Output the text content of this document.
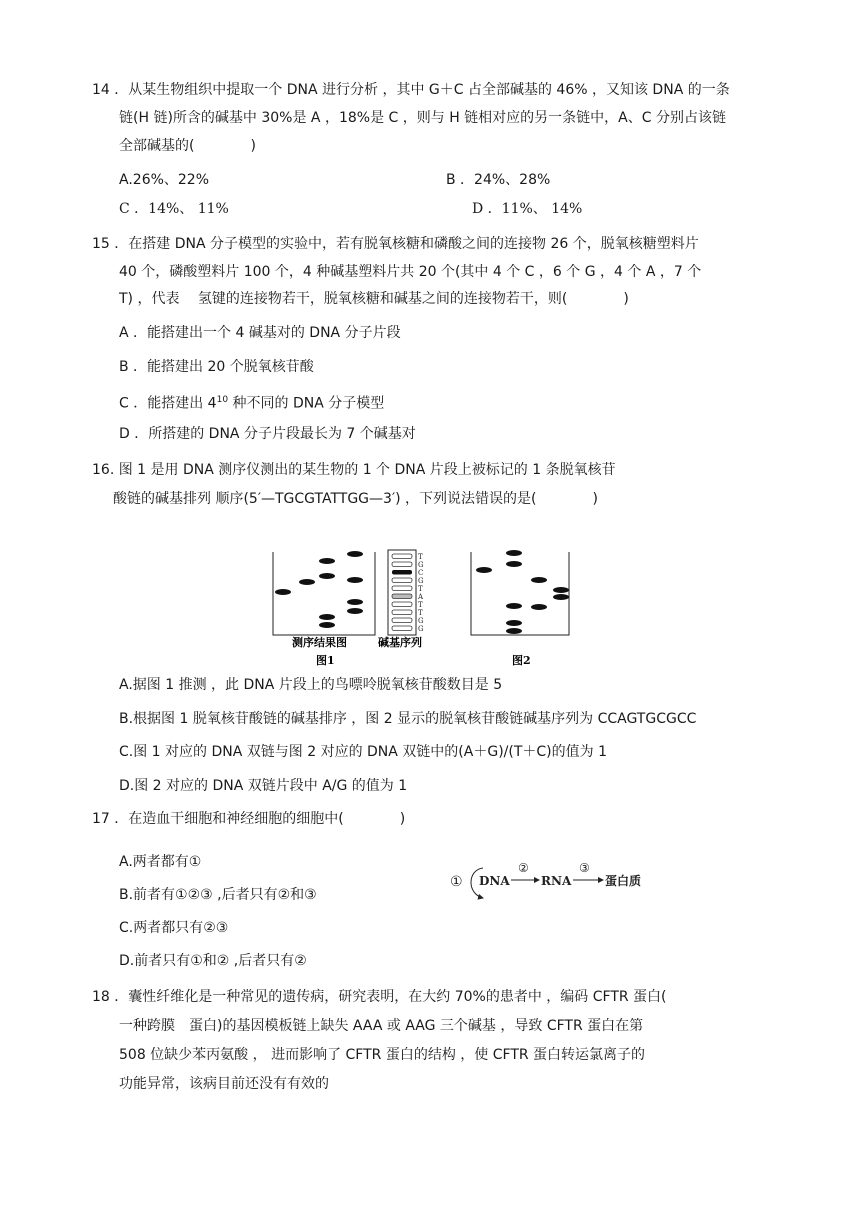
14 ．从某生物组织中提取一个 DNA 进行分析 ，其中 G＋C 占全部碱基的 46% ，又知该 DNA 的一条
链(H 链)所含的碱基中 30%是 A ，18%是 C ，则与 H 链相对应的另一条链中，A、C 分别占该链
全部碱基的(　　　　)
A.26%、22%	B ．24%、28%
C ．14%、 11%	D ．11%、 14%
15 ．在搭建 DNA 分子模型的实验中，若有脱氧核糖和磷酸之间的连接物 26 个，脱氧核糖塑料片
40 个，磷酸塑料片 100 个，4 种碱基塑料片共 20 个(其中 4 个 C ，6 个 G ，4 个 A ，7 个
T) ，代表　 氢键的连接物若干，脱氧核糖和碱基之间的连接物若干，则(　　　　)
A ．能搭建出一个 4 碱基对的 DNA 分子片段
B ．能搭建出 20 个脱氧核苷酸
C ．能搭建出 $4^{10}$ 种不同的 DNA 分子模型
D ．所搭建的 DNA 分子片段最长为 7 个碱基对
16. 图 1 是用 DNA 测序仪测出的某生物的 1 个 DNA 片段上被标记的 1 条脱氧核苷
酸链的碱基排列 顺序(5′—TGCGTATTGG—3′) ，下列说法错误的是(　　　　)
T
G
C
G
T
A
T
T
G
G
测序结果图	碱基序列
图1	图2
A.据图 1 推测 ，此 DNA 片段上的鸟嘌呤脱氧核苷酸数目是 5
B.根据图 1 脱氧核苷酸链的碱基排序 ，图 2 显示的脱氧核苷酸链碱基序列为 CCAGTGCGCC
C.图 1 对应的 DNA 双链与图 2 对应的 DNA 双链中的(A＋G)/(T＋C)的值为 1
D.图 2 对应的 DNA 双链片段中 A/G 的值为 1
17 ．在造血干细胞和神经细胞的细胞中(　　　　)
A.两者都有①
B.前者有①②③ ,后者只有②和③
C.两者都只有②③
D.前者只有①和② ,后者只有②
① DNA
②
RNA
③
蛋白质
18 ．囊性纤维化是一种常见的遗传病，研究表明，在大约 70%的患者中 ，编码 CFTR 蛋白(
一种跨膜　蛋白)的基因模板链上缺失 AAA 或 AAG 三个碱基 ，导致 CFTR 蛋白在第
508 位缺少苯丙氨酸 ， 进而影响了 CFTR 蛋白的结构 ，使 CFTR 蛋白转运氯离子的
功能异常，该病目前还没有有效的
